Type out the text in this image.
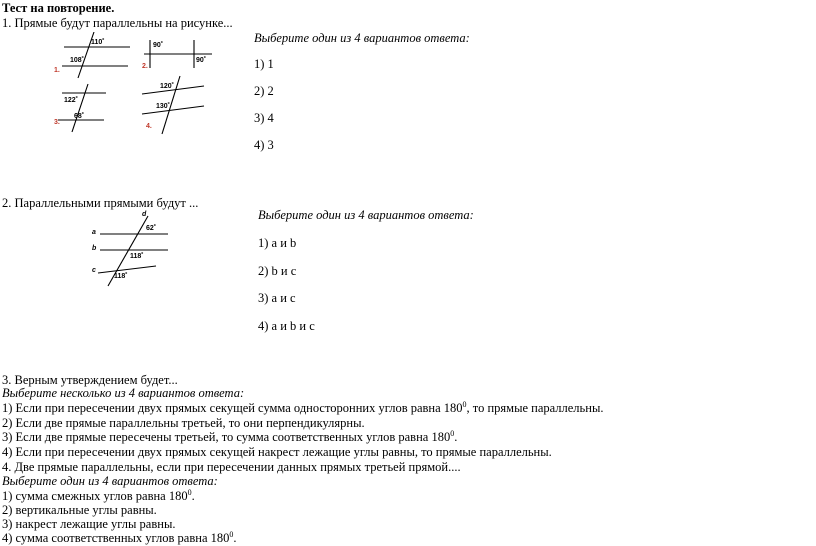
Тест на повторение.
1. Прямые будут параллельны на рисунке...
110˚
108˚
1.
90˚
90˚
2.
122˚
68˚
3.
120˚
130˚
4.
Выберите один из 4 вариантов ответа:
1) 1
2) 2
3) 4
4) 3
2. Параллельными прямыми будут ...
a
b
c
d
62˚
118˚
118˚
Выберите один из 4 вариантов ответа:
1) a и b
2) b и c
3) a и c
4) a и b и c
3. Верным утверждением будет...
Выберите несколько из 4 вариантов ответа:
1) Если при пересечении двух прямых секущей сумма односторонних углов равна $180^0$, то прямые параллельны.
2) Если две прямые параллельны третьей, то они перпендикулярны.
3) Если две прямые пересечены третьей, то сумма соответственных углов равна $180^0$.
4) Если при пересечении двух прямых секущей накрест лежащие углы равны, то прямые параллельны.
4. Две прямые параллельны, если при пересечении данных прямых третьей прямой....
Выберите один из 4 вариантов ответа:
1) сумма смежных углов равна $180^0$.
2) вертикальные углы равны.
3) накрест лежащие углы равны.
4) сумма соответственных углов равна $180^0$.
